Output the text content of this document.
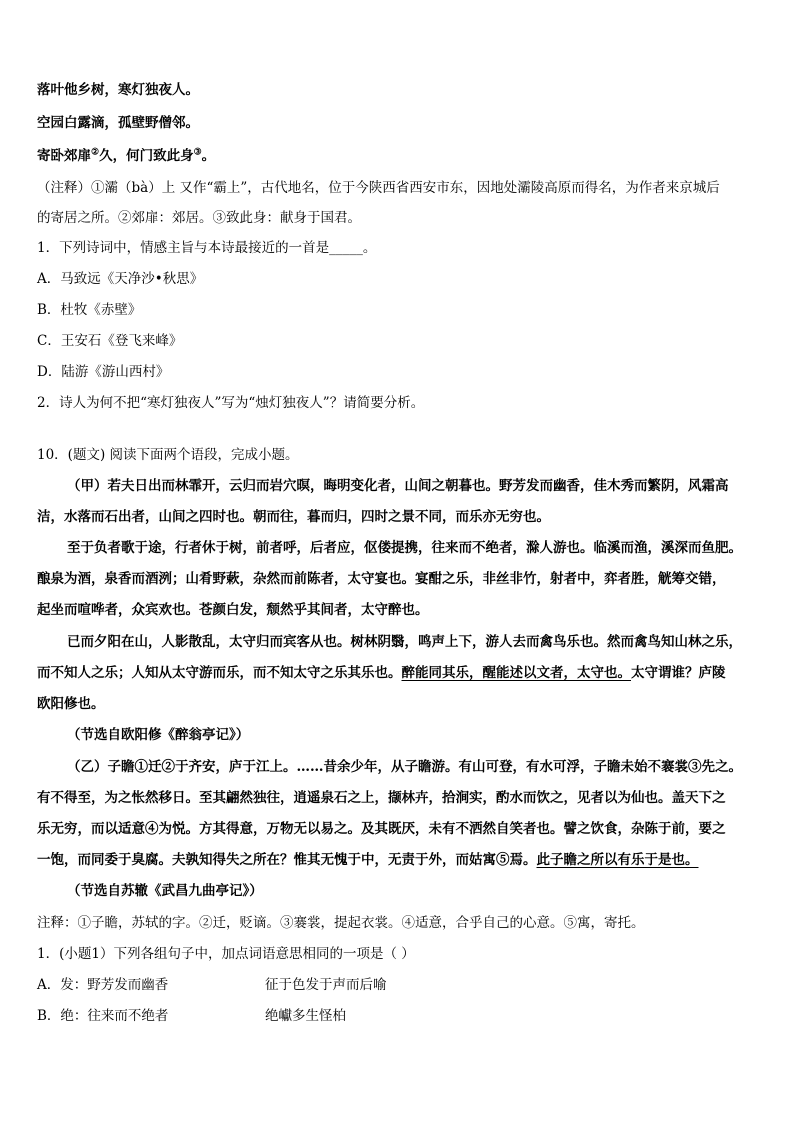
落叶他乡树，寒灯独夜人。
空园白露滴，孤壁野僧邻。
寄卧郊扉②久，何门致此身③。
（注释）①灞（bà）上 又作“霸上”，古代地名，位于今陕西省西安市东，因地处灞陵高原而得名，为作者来京城后
的寄居之所。②郊扉：郊居。③致此身：献身于国君。
1．下列诗词中，情感主旨与本诗最接近的一首是_____。
A．马致远《天净沙•秋思》
B．杜牧《赤壁》
C．王安石《登飞来峰》
D．陆游《游山西村》
2．诗人为何不把“寒灯独夜人”写为“烛灯独夜人”？请简要分析。
10．(题文) 阅读下面两个语段，完成小题。
（甲）若夫日出而林霏开，云归而岩穴暝，晦明变化者，山间之朝暮也。野芳发而幽香，佳木秀而繁阴，风霜高
洁，水落而石出者，山间之四时也。朝而往，暮而归，四时之景不同，而乐亦无穷也。
至于负者歌于途，行者休于树，前者呼，后者应，伛偻提携，往来而不绝者，滁人游也。临溪而渔，溪深而鱼肥。
酿泉为酒，泉香而酒洌；山肴野蔌，杂然而前陈者，太守宴也。宴酣之乐，非丝非竹，射者中，弈者胜，觥筹交错，
起坐而喧哗者，众宾欢也。苍颜白发，颓然乎其间者，太守醉也。
已而夕阳在山，人影散乱，太守归而宾客从也。树林阴翳，鸣声上下，游人去而禽鸟乐也。然而禽鸟知山林之乐，
而不知人之乐；人知从太守游而乐，而不知太守之乐其乐也。醉能同其乐，醒能述以文者，太守也。太守谓谁？庐陵
欧阳修也。
（节选自欧阳修《醉翁亭记》）
（乙）子瞻①迁②于齐安，庐于江上。……昔余少年，从子瞻游。有山可登，有水可浮，子瞻未始不褰裳③先之。
有不得至，为之怅然移日。至其翩然独往，逍遥泉石之上，撷林卉，拾涧实，酌水而饮之，见者以为仙也。盖天下之
乐无穷，而以适意④为悦。方其得意，万物无以易之。及其既厌，未有不洒然自笑者也。譬之饮食，杂陈于前，要之
一饱，而同委于臭腐。夫孰知得失之所在？惟其无愧于中，无责于外，而姑寓⑤焉。此子瞻之所以有乐于是也。
（节选自苏辙《武昌九曲亭记》）
注释：①子瞻，苏轼的字。②迁，贬谪。③褰裳，提起衣裳。④适意，合乎自己的心意。⑤寓，寄托。
1．(小题1）下列各组句子中，加点词语意思相同的一项是（ ）
A．发：野芳发而幽香	征于色发于声而后喻
B．绝：往来而不绝者	绝巘多生怪柏
